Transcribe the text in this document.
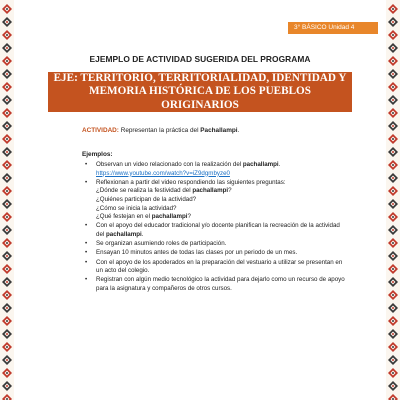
3° BÁSICO Unidad 4
EJEMPLO DE ACTIVIDAD SUGERIDA DEL PROGRAMA
EJE: TERRITORIO, TERRITORIALIDAD, IDENTIDAD Y
MEMORIA HISTÓRICA DE LOS PUEBLOS ORIGINARIOS
ACTIVIDAD: Representan la práctica del Pachallampi.
Ejemplos:
• Observan un video relacionado con la realización del pachallampi.
https://www.youtube.com/watch?v=iZ9dgmbyze0
• Reflexionan a partir del video respondiendo las siguientes preguntas:
¿Dónde se realiza la festividad del pachallampi?
¿Quiénes participan de la actividad?
¿Cómo se inicia la actividad?
¿Qué festejan en el pachallampi?
• Con el apoyo del educador tradicional y/o docente planifican la recreación de la actividad
del pachallampi.
• Se organizan asumiendo roles de participación.
• Ensayan 10 minutos antes de todas las clases por un periodo de un mes.
• Con el apoyo de los apoderados en la preparación del vestuario a utilizar se presentan en
un acto del colegio.
• Registran con algún medio tecnológico la actividad para dejarlo como un recurso de apoyo
para la asignatura y compañeros de otros cursos.
